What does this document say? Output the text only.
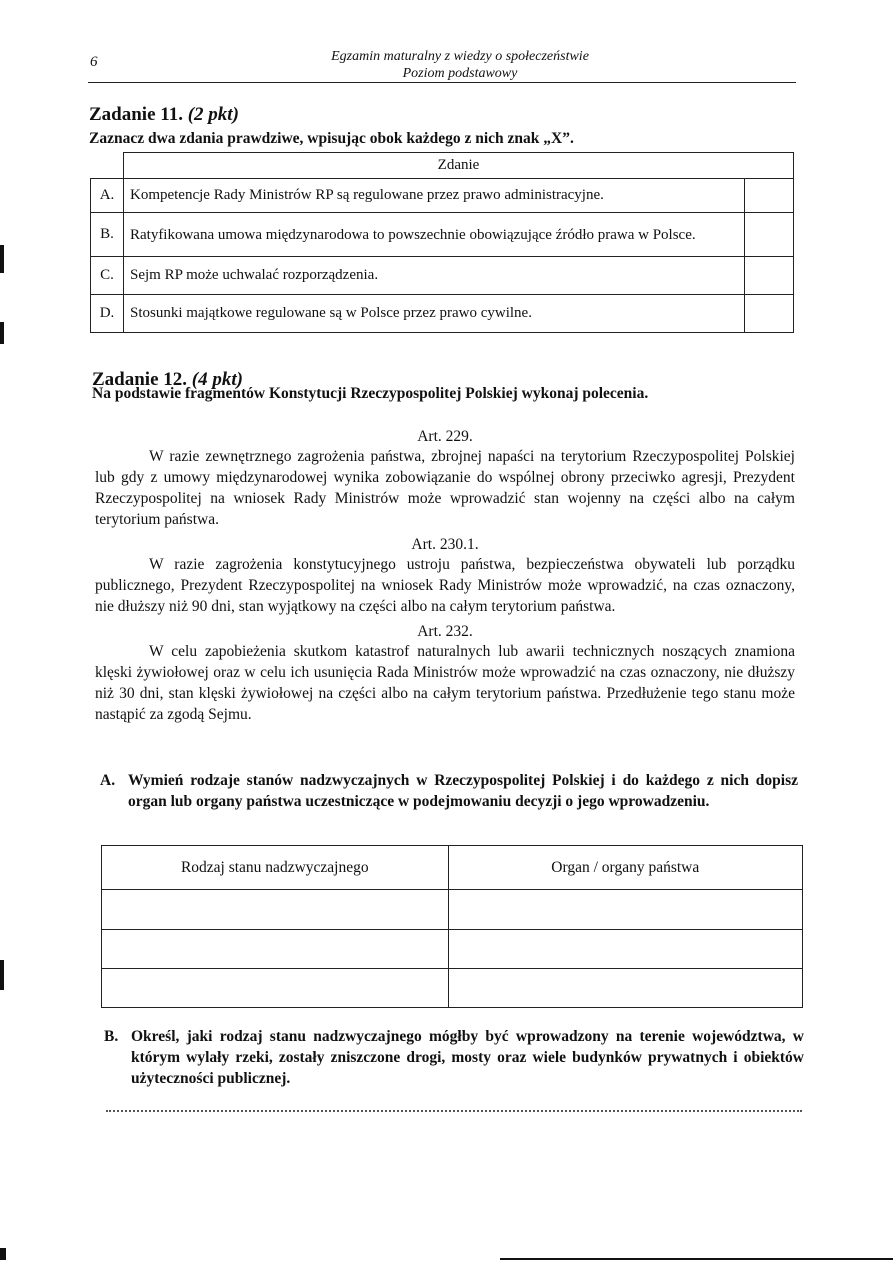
6	Egzamin maturalny z wiedzy o społeczeństwie
Poziom podstawowy
Zadanie 11. (2 pkt)
Zaznacz dwa zdania prawdziwe, wpisując obok każdego z nich znak „X”.
	Zdanie	
A.	Kompetencje Rady Ministrów RP są regulowane przez prawo administracyjne.	
B.	Ratyfikowana umowa międzynarodowa to powszechnie obowiązujące źródło prawa w Polsce.	
C.	Sejm RP może uchwalać rozporządzenia.	
D.	Stosunki majątkowe regulowane są w Polsce przez prawo cywilne.	
Zadanie 12. (4 pkt)
Na podstawie fragmentów Konstytucji Rzeczypospolitej Polskiej wykonaj polecenia.
Art. 229.
W razie zewnętrznego zagrożenia państwa, zbrojnej napaści na terytorium Rzeczypospolitej Polskiej lub gdy z umowy międzynarodowej wynika zobowiązanie do wspólnej obrony przeciwko agresji, Prezydent Rzeczypospolitej na wniosek Rady Ministrów może wprowadzić stan wojenny na części albo na całym terytorium państwa.
Art. 230.1.
W razie zagrożenia konstytucyjnego ustroju państwa, bezpieczeństwa obywateli lub porządku publicznego, Prezydent Rzeczypospolitej na wniosek Rady Ministrów może wprowadzić, na czas oznaczony, nie dłuższy niż 90 dni, stan wyjątkowy na części albo na całym terytorium państwa.
Art. 232.
W celu zapobieżenia skutkom katastrof naturalnych lub awarii technicznych noszących znamiona klęski żywiołowej oraz w celu ich usunięcia Rada Ministrów może wprowadzić na czas oznaczony, nie dłuższy niż 30 dni, stan klęski żywiołowej na części albo na całym terytorium państwa. Przedłużenie tego stanu może nastąpić za zgodą Sejmu.
A. Wymień rodzaje stanów nadzwyczajnych w Rzeczypospolitej Polskiej i do każdego z nich dopisz organ lub organy państwa uczestniczące w podejmowaniu decyzji o jego wprowadzeniu.
Rodzaj stanu nadzwyczajnego	Organ / organy państwa

B. Określ, jaki rodzaj stanu nadzwyczajnego mógłby być wprowadzony na terenie województwa, w którym wylały rzeki, zostały zniszczone drogi, mosty oraz wiele budynków prywatnych i obiektów użyteczności publicznej.
